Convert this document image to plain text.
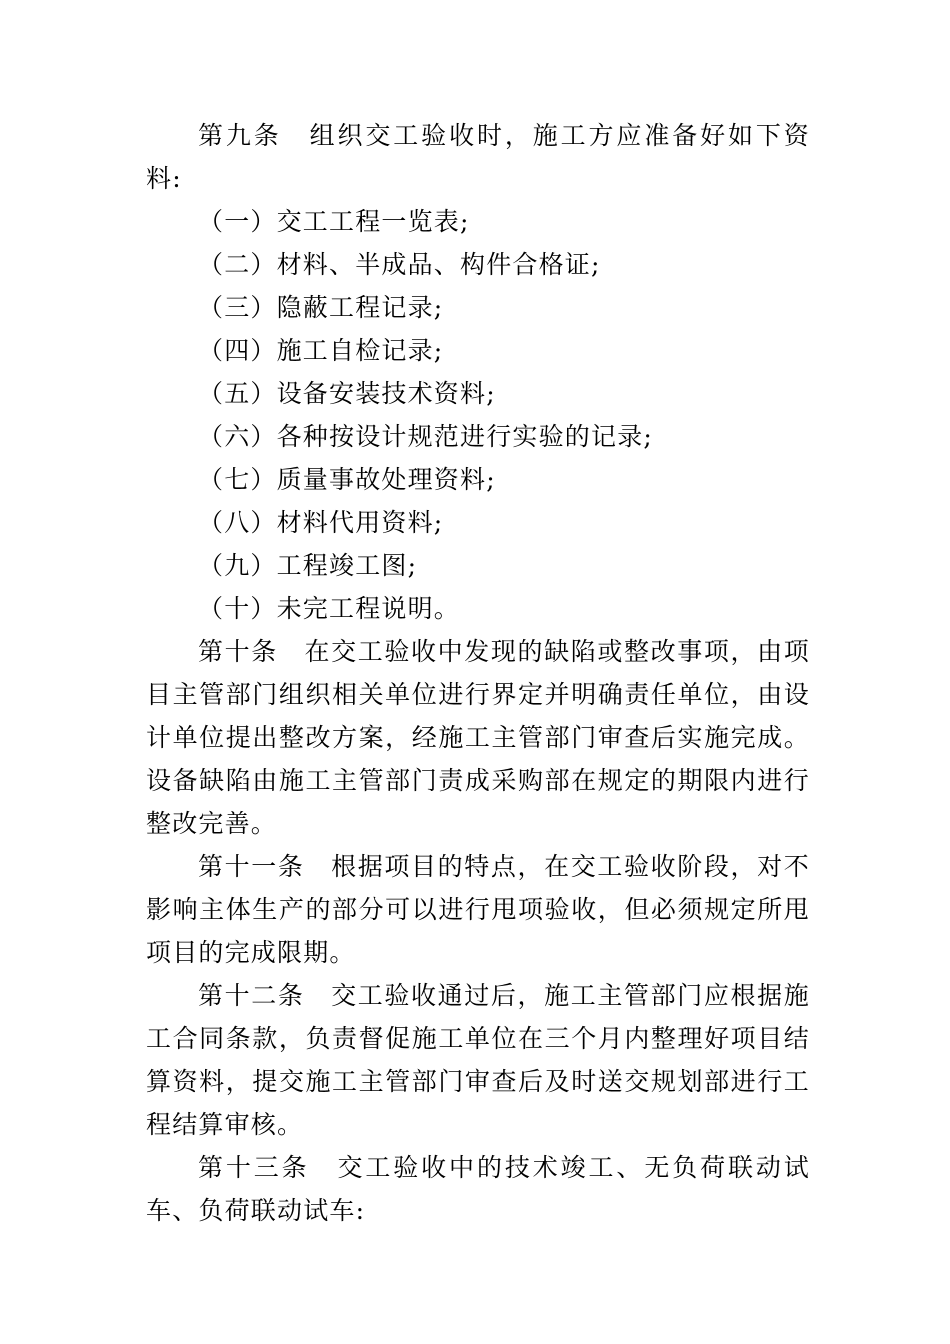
第九条　 组织交工验收时，施工方应准备好如下资料:

（一）交工工程一览表;

（二）材料、半成品、构件合格证;

（三）隐蔽工程记录;

（四）施工自检记录;

（五）设备安装技术资料;

（六）各种按设计规范进行实验的记录;

（七）质量事故处理资料;

（八）材料代用资料;

（九）工程竣工图;

（十）未完工程说明。

第十条　 在交工验收中发现的缺陷或整改事项，由项目主管部门组织相关单位进行界定并明确责任单位，由设计单位提出整改方案，经施工主管部门审查后实施完成。设备缺陷由施工主管部门责成采购部在规定的期限内进行整改完善。

第十一条　 根据项目的特点，在交工验收阶段，对不影响主体生产的部分可以进行甩项验收，但必须规定所甩项目的完成限期。

第十二条　 交工验收通过后，施工主管部门应根据施工合同条款，负责督促施工单位在三个月内整理好项目结算资料，提交施工主管部门审查后及时送交规划部进行工程结算审核。

第十三条　 交工验收中的技术竣工、无负荷联动试车、负荷联动试车:
